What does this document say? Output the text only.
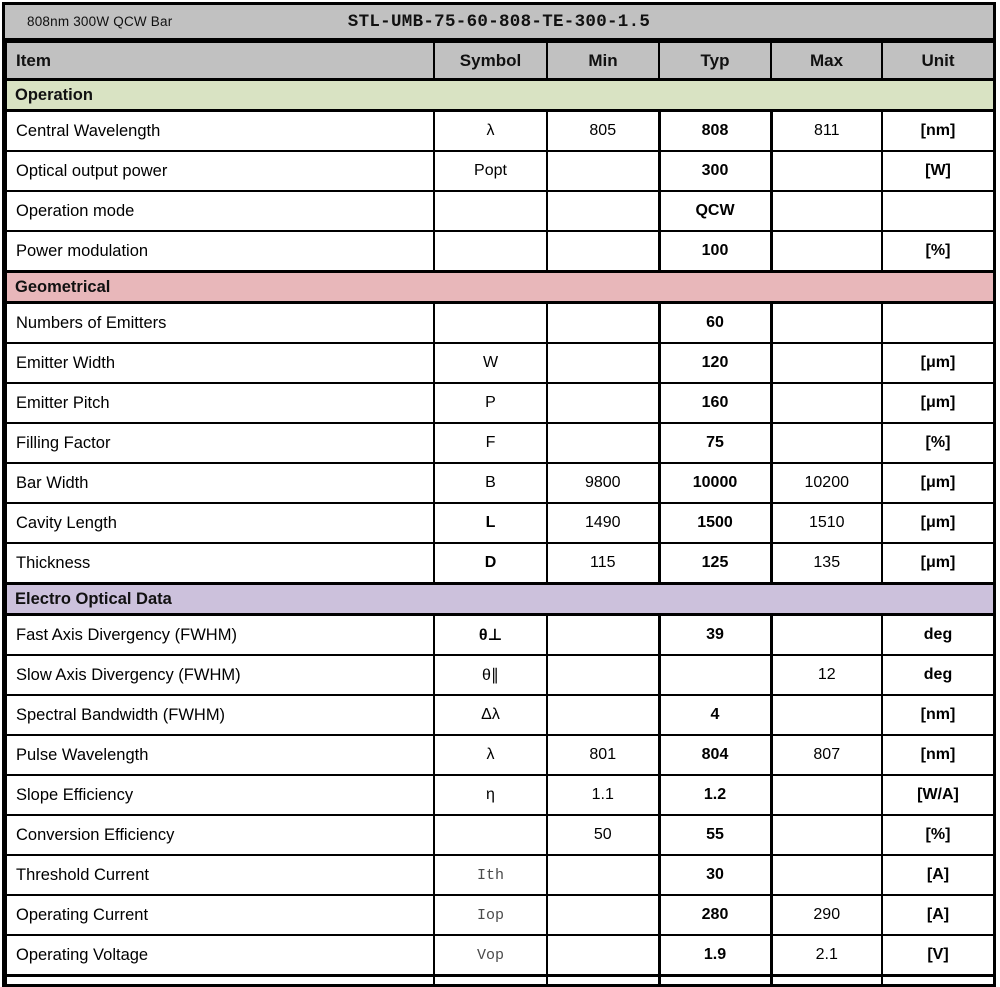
808nm 300W QCW Bar	STL-UMB-75-60-808-TE-300-1.5
Item	Symbol	Min	Typ	Max	Unit
Operation					
Central Wavelength	λ	805	808	811	[nm]
Optical output power	Popt		300		[W]
Operation mode			QCW		
Power modulation			100		[%]
Geometrical					
Numbers of Emitters			60		
Emitter Width	W		120		[μm]
Emitter Pitch	P		160		[μm]
Filling Factor	F		75		[%]
Bar Width	B	9800	10000	10200	[μm]
Cavity Length	L	1490	1500	1510	[μm]
Thickness	D	115	125	135	[μm]
Electro Optical Data					
Fast Axis Divergency (FWHM)	θ⊥		39		deg
Slow Axis Divergency (FWHM)	θ∥			12	deg
Spectral Bandwidth (FWHM)	Δλ		4		[nm]
Pulse Wavelength	λ	801	804	807	[nm]
Slope Efficiency	η	1.1	1.2		[W/A]
Conversion Efficiency		50	55		[%]
Threshold Current	Ith		30		[A]
Operating Current	Iop		280	290	[A]
Operating Voltage	Vop		1.9	2.1	[V]
